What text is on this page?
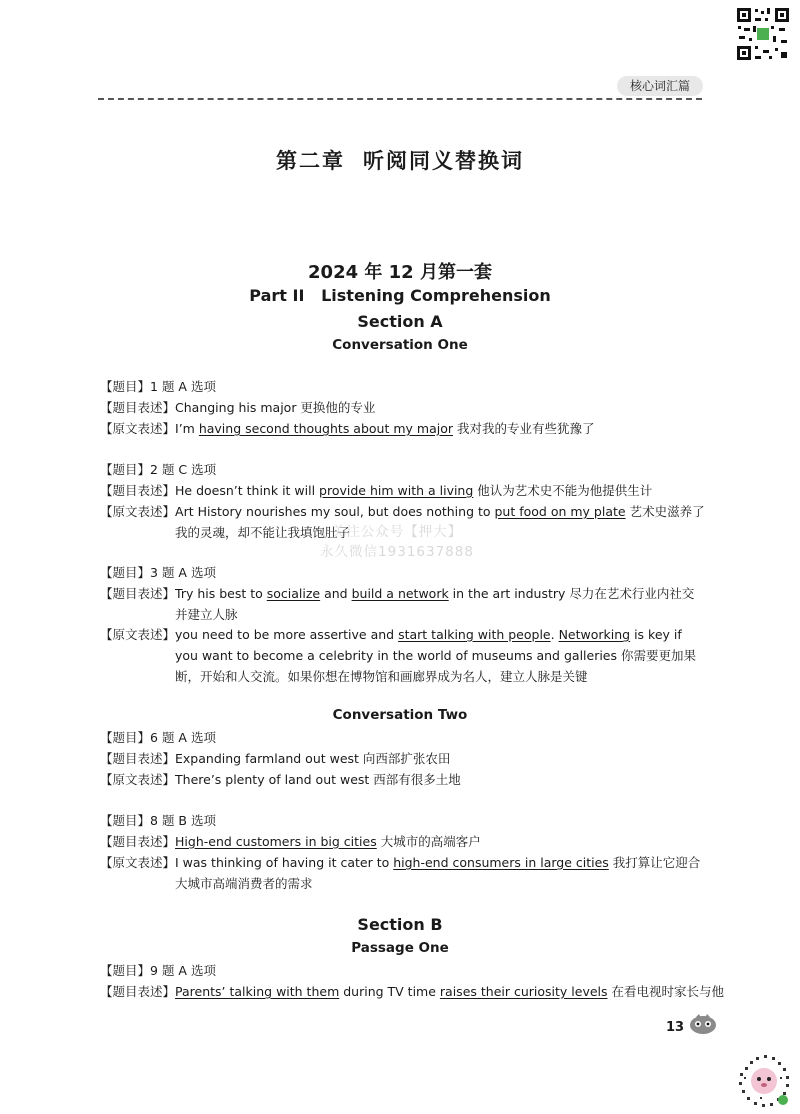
核心词汇篇
第二章 听阅同义替换词
2024 年 12 月第一套
Part II   Listening Comprehension
Section A
Conversation One
【题目】 1 题 A 选项
【题目表述】 Changing his major 更换他的专业
【原文表述】 I’m having second thoughts about my major 我对我的专业有些犹豫了
【题目】 2 题 C 选项
【题目表述】 He doesn’t think it will provide him with a living 他认为艺术史不能为他提供生计
【原文表述】 Art History nourishes my soul, but does nothing to put food on my plate 艺术史滋养了我的灵魂，却不能让我填饱肚子
【题目】 3 题 A 选项
【题目表述】 Try his best to socialize and build a network in the art industry 尽力在艺术行业内社交并建立人脉
【原文表述】 you need to be more assertive and start talking with people. Networking is key if you want to become a celebrity in the world of museums and galleries 你需要更加果断，开始和人交流。如果你想在博物馆和画廊界成为名人，建立人脉是关键
Conversation Two
【题目】 6 题 A 选项
【题目表述】 Expanding farmland out west 向西部扩张农田
【原文表述】 There’s plenty of land out west 西部有很多土地
【题目】 8 题 B 选项
【题目表述】 High-end customers in big cities 大城市的高端客户
【原文表述】 I was thinking of having it cater to high-end consumers in large cities 我打算让它迎合大城市高端消费者的需求
Section B
Passage One
【题目】 9 题 A 选项
【题目表述】 Parents’ talking with them during TV time raises their curiosity levels 在看电视时家长与他
关注公众号【押大】
永久微信1931637888
13
